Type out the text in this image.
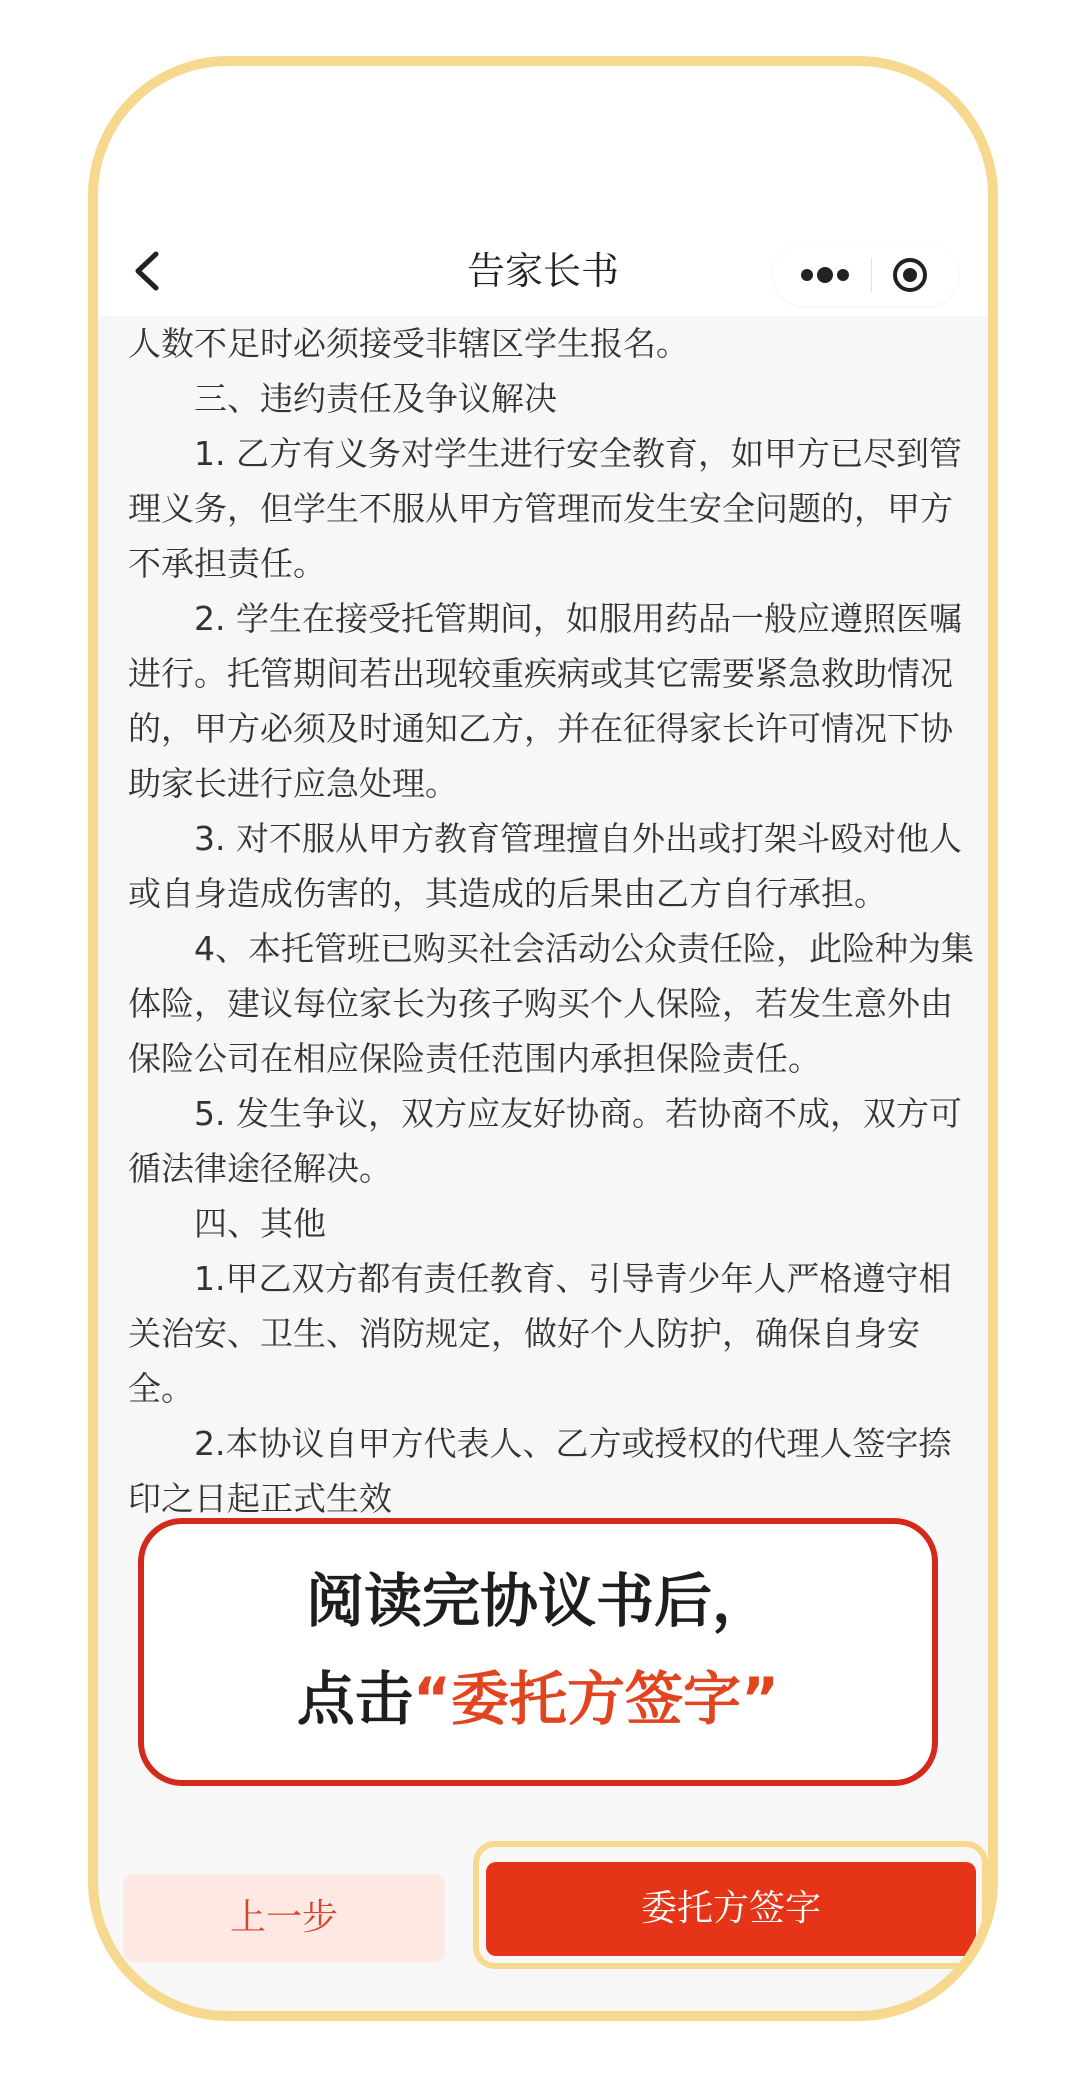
告家长书

人数不足时必须接受非辖区学生报名。

三、违约责任及争议解决

1. 乙方有义务对学生进行安全教育，如甲方已尽到管理义务，但学生不服从甲方管理而发生安全问题的，甲方不承担责任。

2. 学生在接受托管期间，如服用药品一般应遵照医嘱进行。托管期间若出现较重疾病或其它需要紧急救助情况的，甲方必须及时通知乙方，并在征得家长许可情况下协助家长进行应急处理。

3. 对不服从甲方教育管理擅自外出或打架斗殴对他人或自身造成伤害的，其造成的后果由乙方自行承担。

4、本托管班已购买社会活动公众责任险，此险种为集体险，建议每位家长为孩子购买个人保险，若发生意外由保险公司在相应保险责任范围内承担保险责任。

5. 发生争议，双方应友好协商。若协商不成，双方可循法律途径解决。

四、其他

1.甲乙双方都有责任教育、引导青少年人严格遵守相关治安、卫生、消防规定，做好个人防护，确保自身安全。

2.本协议自甲方代表人、乙方或授权的代理人签字捺印之日起正式生效

阅读完协议书后，
点击“委托方签字”
上一步	委托方签字
